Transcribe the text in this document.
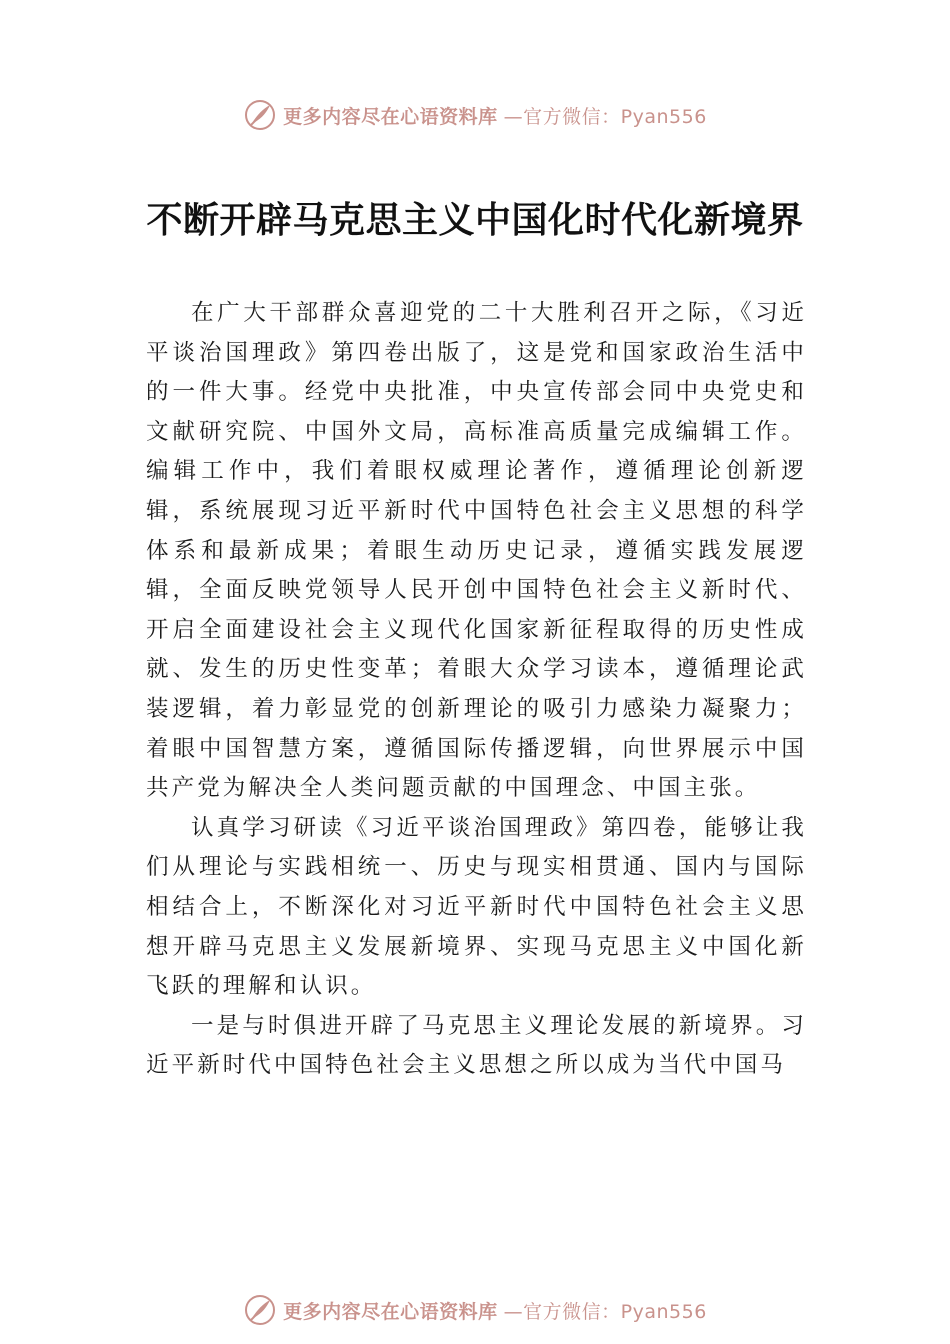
更多内容尽在心语资料库 —官方微信：Pyan556
不断开辟马克思主义中国化时代化新境界

在广大干部群众喜迎党的二十大胜利召开之际，《习近平谈治国理政》第四卷出版了，这是党和国家政治生活中的一件大事。经党中央批准，中央宣传部会同中央党史和文献研究院、中国外文局，高标准高质量完成编辑工作。编辑工作中，我们着眼权威理论著作，遵循理论创新逻辑，系统展现习近平新时代中国特色社会主义思想的科学体系和最新成果；着眼生动历史记录，遵循实践发展逻辑，全面反映党领导人民开创中国特色社会主义新时代、开启全面建设社会主义现代化国家新征程取得的历史性成就、发生的历史性变革；着眼大众学习读本，遵循理论武装逻辑，着力彰显党的创新理论的吸引力感染力凝聚力；着眼中国智慧方案，遵循国际传播逻辑，向世界展示中国共产党为解决全人类问题贡献的中国理念、中国主张。

认真学习研读《习近平谈治国理政》第四卷，能够让我们从理论与实践相统一、历史与现实相贯通、国内与国际相结合上，不断深化对习近平新时代中国特色社会主义思想开辟马克思主义发展新境界、实现马克思主义中国化新飞跃的理解和认识。

一是与时俱进开辟了马克思主义理论发展的新境界。习近平新时代中国特色社会主义思想之所以成为当代中国马

更多内容尽在心语资料库 —官方微信：Pyan556
